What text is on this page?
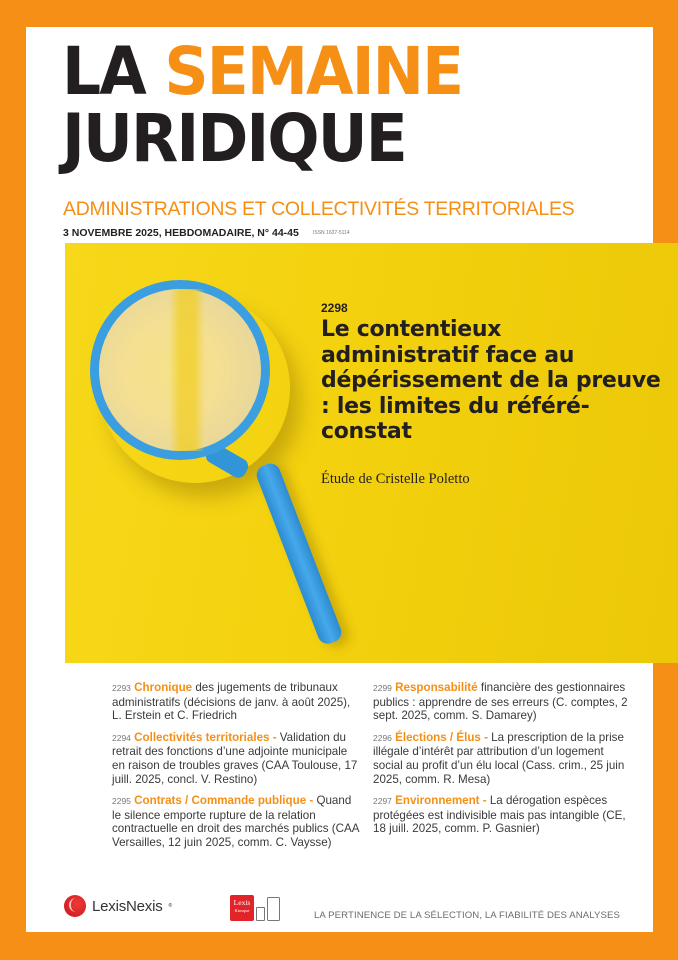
LA SEMAINE
JURIDIQUE
ADMINISTRATIONS ET COLLECTIVITÉS TERRITORIALES
3 NOVEMBRE 2025, HEBDOMADAIRE, N° 44-45	ISSN 1637-5114
2298
Le contentieux administratif face au dépérissement de la preuve : les limites du référé-constat
Étude de Cristelle Poletto
2293 Chronique des jugements de tribunaux administratifs (décisions de janv. à août 2025), L. Erstein et C. Friedrich
2294 Collectivités territoriales - Validation du retrait des fonctions d’une adjointe municipale en raison de troubles graves (CAA Toulouse, 17 juill. 2025, concl. V. Restino)
2295 Contrats / Commande publique - Quand le silence emporte rupture de la relation contractuelle en droit des marchés publics (CAA Versailles, 12 juin 2025, comm. C. Vaysse)
2299 Responsabilité financière des gestionnaires publics : apprendre de ses erreurs (C. comptes, 2 sept. 2025, comm. S. Damarey)
2296 Élections / Élus - La prescription de la prise illégale d’intérêt par attribution d’un logement social au profit d’un élu local (Cass. crim., 25 juin 2025, comm. R. Mesa)
2297 Environnement - La dérogation espèces protégées est indivisible mais pas intangible (CE, 18 juill. 2025, comm. P. Gasnier)
LexisNexis ®	Lexis
Kiosque	LA PERTINENCE DE LA SÉLECTION, LA FIABILITÉ DES ANALYSES
